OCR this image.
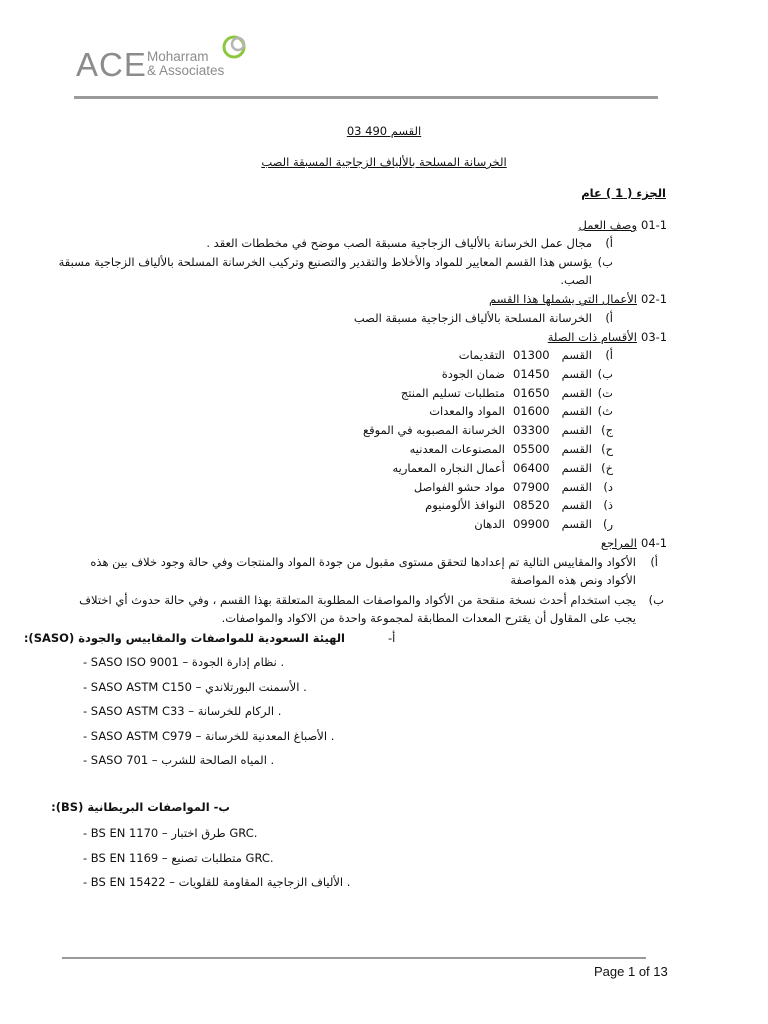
ACE Moharram
& Associates
القسم 490 03
الخرسانة المسلحة بالألياف الزجاجية المسبقة الصب
الجزء ( 1 ) عام
01-1
وصف العمل
أ)
مجال عمل الخرسانة بالألياف الزجاجية مسبقة الصب موضح في مخططات العقد .
ب)
يؤسس هذا القسم المعايير للمواد والأخلاط والتقدير والتصنيع وتركيب الخرسانة المسلحة بالألياف الزجاجية مسبقة
الصب.
02-1
الأعمال التي يشملها هذا القسم
أ)
الخرسانة المسلحة بالألياف الزجاجية مسبقة الصب
03-1
الأقسام ذات الصلة
أ)
القسم
01300
التقديمات
ب)
القسم
01450
ضمان الجودة
ت)
القسم
01650
متطلبات تسليم المنتج
ث)
القسم
01600
المواد والمعدات
ج)
القسم
03300
الخرسانة المصبوبه في الموقع
ح)
القسم
05500
المصنوعات المعدنيه
خ)
القسم
06400
أعمال النجاره المعماريه
د)
القسم
07900
مواد حشو الفواصل
ذ)
القسم
08520
النوافذ الألومنيوم
ر)
القسم
09900
الدهان
04-1
المراجع
أ)
الأكواد والمقاييس التالية تم إعدادها لتحقق مستوى مقبول من جودة المواد والمنتجات وفي حالة وجود خلاف بين هذه
الأكواد ونص هذه المواصفة
ب)
يجب استخدام أحدث نسخة منقحة من الأكواد والمواصفات المطلوبة المتعلقة بهذا القسم ، وفي حالة حدوث أي اختلاف
يجب على المقاول أن يقترح المعدات المطابقة لمجموعة واحدة من الاكواد والمواصفات.
الهيئة السعودية للمواصفات والمقاييس والجودة (SASO):	أ-
- SASO ISO 9001 – نظام إدارة الجودة .
- SASO ASTM C150 – الأسمنت البورتلاندي .
- SASO ASTM C33 – الركام للخرسانة .
- SASO ASTM C979 – الأصباغ المعدنية للخرسانة .
- SASO 701 – المياه الصالحة للشرب .
ب- المواصفات البريطانية (BS):
- BS EN 1170 – طرق اختبار GRC.
- BS EN 1169 – متطلبات تصنيع GRC.
- BS EN 15422 – الألياف الزجاجية المقاومة للقلويات .
Page 1 of 13
